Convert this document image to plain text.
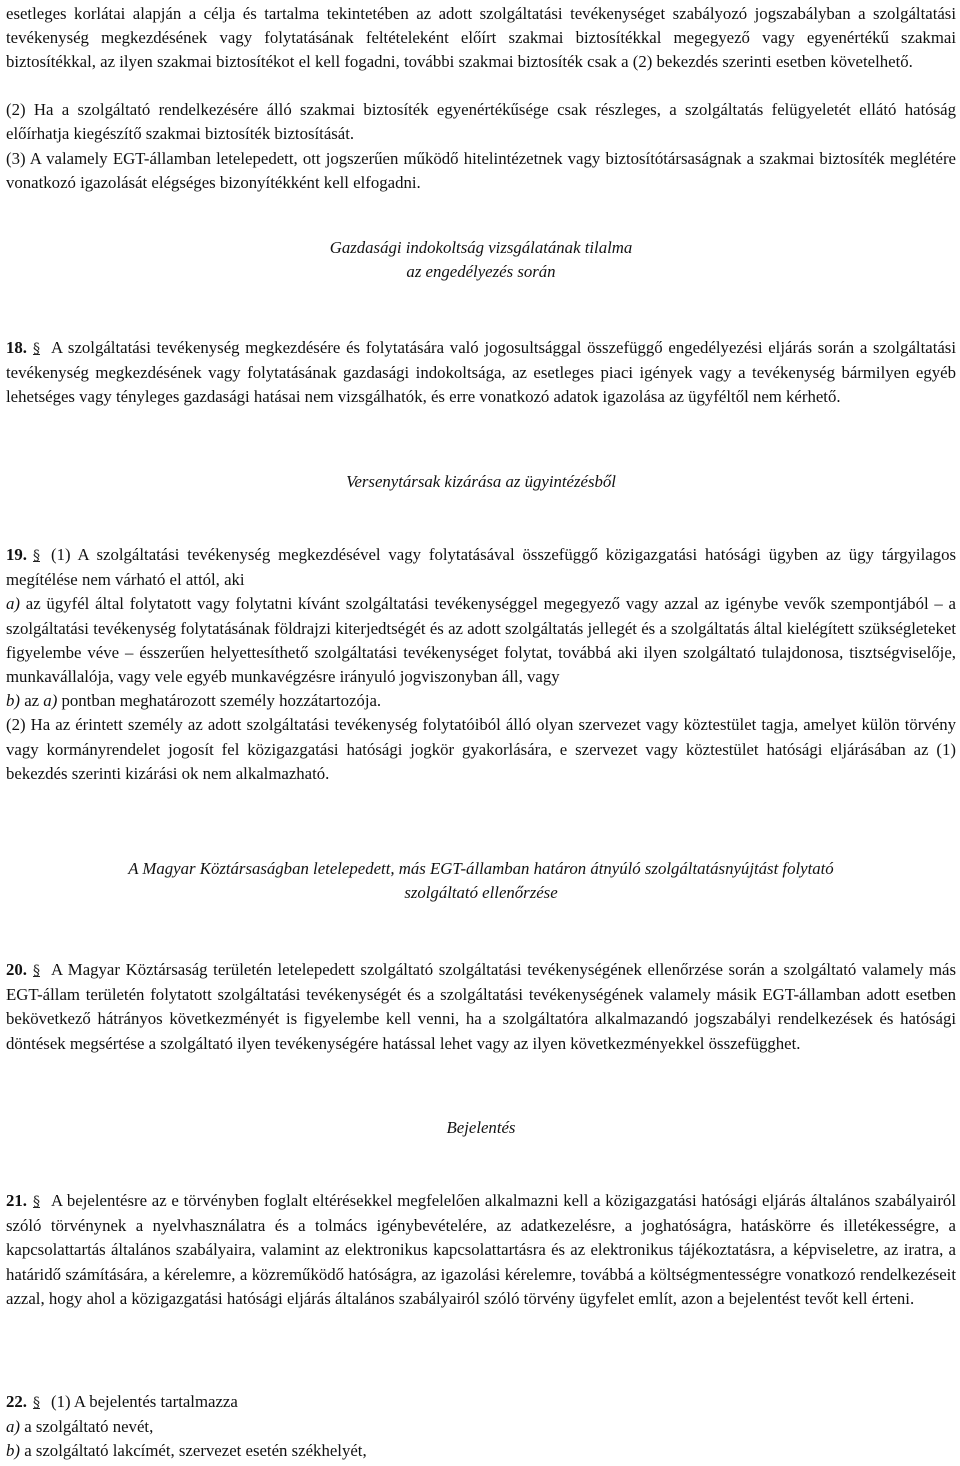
esetleges korlátai alapján a célja és tartalma tekintetében az adott szolgáltatási tevékenységet szabályozó jogszabályban a szolgáltatási tevékenység megkezdésének vagy folytatásának feltételeként előírt szakmai biztosítékkal megegyező vagy egyenértékű szakmai biztosítékkal, az ilyen szakmai biztosítékot el kell fogadni, további szakmai biztosíték csak a (2) bekezdés szerinti esetben követelhető.

(2) Ha a szolgáltató rendelkezésére álló szakmai biztosíték egyenértékűsége csak részleges, a szolgáltatás felügyeletét ellátó hatóság előírhatja kiegészítő szakmai biztosíték biztosítását.

(3) A valamely EGT-államban letelepedett, ott jogszerűen működő hitelintézetnek vagy biztosítótársaságnak a szakmai biztosíték meglétére vonatkozó igazolását elégséges bizonyítékként kell elfogadni.

Gazdasági indokoltság vizsgálatának tilalma
az engedélyezés során

18. § A szolgáltatási tevékenység megkezdésére és folytatására való jogosultsággal összefüggő engedélyezési eljárás során a szolgáltatási tevékenység megkezdésének vagy folytatásának gazdasági indokoltsága, az esetleges piaci igények vagy a tevékenység bármilyen egyéb lehetséges vagy tényleges gazdasági hatásai nem vizsgálhatók, és erre vonatkozó adatok igazolása az ügyféltől nem kérhető.

Versenytársak kizárása az ügyintézésből

19. § (1) A szolgáltatási tevékenység megkezdésével vagy folytatásával összefüggő közigazgatási hatósági ügyben az ügy tárgyilagos megítélése nem várható el attól, aki

a) az ügyfél által folytatott vagy folytatni kívánt szolgáltatási tevékenységgel megegyező vagy azzal az igénybe vevők szempontjából – a szolgáltatási tevékenység folytatásának földrajzi kiterjedtségét és az adott szolgáltatás jellegét és a szolgáltatás által kielégített szükségleteket figyelembe véve – ésszerűen helyettesíthető szolgáltatási tevékenységet folytat, továbbá aki ilyen szolgáltató tulajdonosa, tisztségviselője, munkavállalója, vagy vele egyéb munkavégzésre irányuló jogviszonyban áll, vagy

b) az a) pontban meghatározott személy hozzátartozója.

(2) Ha az érintett személy az adott szolgáltatási tevékenység folytatóiból álló olyan szervezet vagy köztestület tagja, amelyet külön törvény vagy kormányrendelet jogosít fel közigazgatási hatósági jogkör gyakorlására, e szervezet vagy köztestület hatósági eljárásában az (1) bekezdés szerinti kizárási ok nem alkalmazható.

A Magyar Köztársaságban letelepedett, más EGT-államban határon átnyúló szolgáltatásnyújtást folytató
szolgáltató ellenőrzése

20. § A Magyar Köztársaság területén letelepedett szolgáltató szolgáltatási tevékenységének ellenőrzése során a szolgáltató valamely más EGT-állam területén folytatott szolgáltatási tevékenységét és a szolgáltatási tevékenységének valamely másik EGT-államban adott esetben bekövetkező hátrányos következményét is figyelembe kell venni, ha a szolgáltatóra alkalmazandó jogszabályi rendelkezések és hatósági döntések megsértése a szolgáltató ilyen tevékenységére hatással lehet vagy az ilyen következményekkel összefügghet.

Bejelentés

21. § A bejelentésre az e törvényben foglalt eltérésekkel megfelelően alkalmazni kell a közigazgatási hatósági eljárás általános szabályairól szóló törvénynek a nyelvhasználatra és a tolmács igénybevételére, az adatkezelésre, a joghatóságra, hatáskörre és illetékességre, a kapcsolattartás általános szabályaira, valamint az elektronikus kapcsolattartásra és az elektronikus tájékoztatásra, a képviseletre, az iratra, a határidő számítására, a kérelemre, a közreműködő hatóságra, az igazolási kérelemre, továbbá a költségmentességre vonatkozó rendelkezéseit azzal, hogy ahol a közigazgatási hatósági eljárás általános szabályairól szóló törvény ügyfelet említ, azon a bejelentést tevőt kell érteni.

22. § (1) A bejelentés tartalmazza

a) a szolgáltató nevét,

b) a szolgáltató lakcímét, szervezet esetén székhelyét,
